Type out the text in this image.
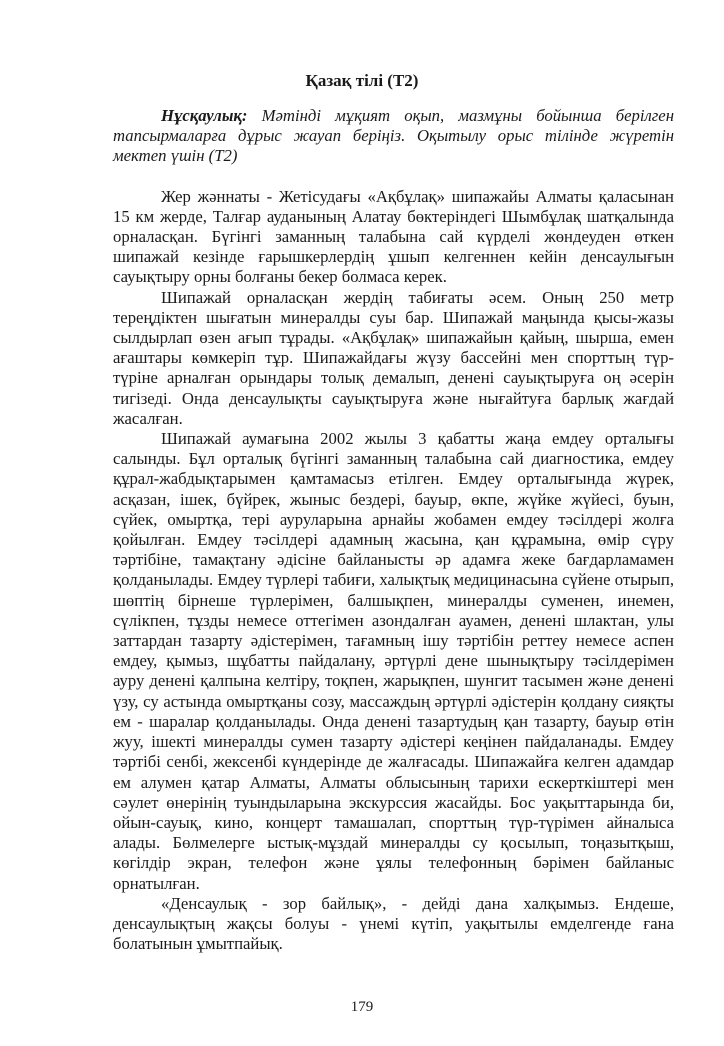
Қазақ тілі (Т2)

Нұсқаулық: Мәтінді мұқият оқып, мазмұны бойынша берілген тапсырмаларға дұрыс жауап беріңіз. Оқытылу орыс тілінде жүретін мектеп үшін (Т2)

Жер жәннаты - Жетісудағы «Ақбұлақ» шипажайы Алматы қаласынан 15 км жерде, Талғар ауданының Алатау бөктеріндегі Шымбұлақ шатқалында орналасқан. Бүгінгі заманның талабына сай күрделі жөндеуден өткен шипажай кезінде ғарышкерлердің ұшып келгеннен кейін денсаулығын сауықтыру орны болғаны бекер болмаса керек.

Шипажай орналасқан жердің табиғаты әсем. Оның 250 метр тереңдіктен шығатын минералды суы бар. Шипажай маңында қысы-жазы сылдырлап өзен ағып тұрады. «Ақбұлақ» шипажайын қайың, шырша, емен ағаштары көмкеріп тұр. Шипажайдағы жүзу бассейні мен спорттың түр-түріне арналған орындары толық демалып, денені сауықтыруға оң әсерін тигізеді. Онда денсаулықты сауықтыруға және нығайтуға барлық жағдай жасалған.

Шипажай аумағына 2002 жылы 3 қабатты жаңа емдеу орталығы салынды. Бұл орталық бүгінгі заманның талабына сай диагностика, емдеу құрал-жабдықтарымен қамтамасыз етілген. Емдеу орталығында жүрек, асқазан, ішек, бүйрек, жыныс бездері, бауыр, өкпе, жүйке жүйесі, буын, сүйек, омыртқа, тері ауруларына арнайы жобамен емдеу тәсілдері жолға қойылған. Емдеу тәсілдері адамның жасына, қан құрамына, өмір сүру тәртібіне, тамақтану әдісіне байланысты әр адамға жеке бағдарламамен қолданылады. Емдеу түрлері табиғи, халықтық медицинасына сүйене отырып, шөптің бірнеше түрлерімен, балшықпен, минералды суменен, инемен, сүлікпен, тұзды немесе оттегімен азондалған ауамен, денені шлактан, улы заттардан тазарту әдістерімен, тағамның ішу тәртібін реттеу немесе аспен емдеу, қымыз, шұбатты пайдалану, әртүрлі дене шынықтыру тәсілдерімен ауру денені қалпына келтіру, тоқпен, жарықпен, шунгит тасымен және денені үзу, су астында омыртқаны созу, массаждың әртүрлі әдістерін қолдану сияқты ем - шаралар қолданылады. Онда денені тазартудың қан тазарту, бауыр өтін жуу, ішекті минералды сумен тазарту әдістері кеңінен пайдаланады. Емдеу тәртібі сенбі, жексенбі күндерінде де жалғасады. Шипажайға келген адамдар ем алумен қатар Алматы, Алматы облысының тарихи ескерткіштері мен сәулет өнерінің туындыларына экскурссия жасайды. Бос уақыттарында би, ойын-сауық, кино, концерт тамашалап, спорттың түр-түрімен айналыса алады. Бөлмелерге ыстық-мұздай минералды су қосылып, тоңазытқыш, көгілдір экран, телефон және ұялы телефонның бәрімен байланыс орнатылған.

«Денсаулық - зор байлық», - дейді дана халқымыз. Ендеше, денсаулықтың жақсы болуы - үнемі күтіп, уақытылы емделгенде ғана болатынын ұмытпайық.

179
